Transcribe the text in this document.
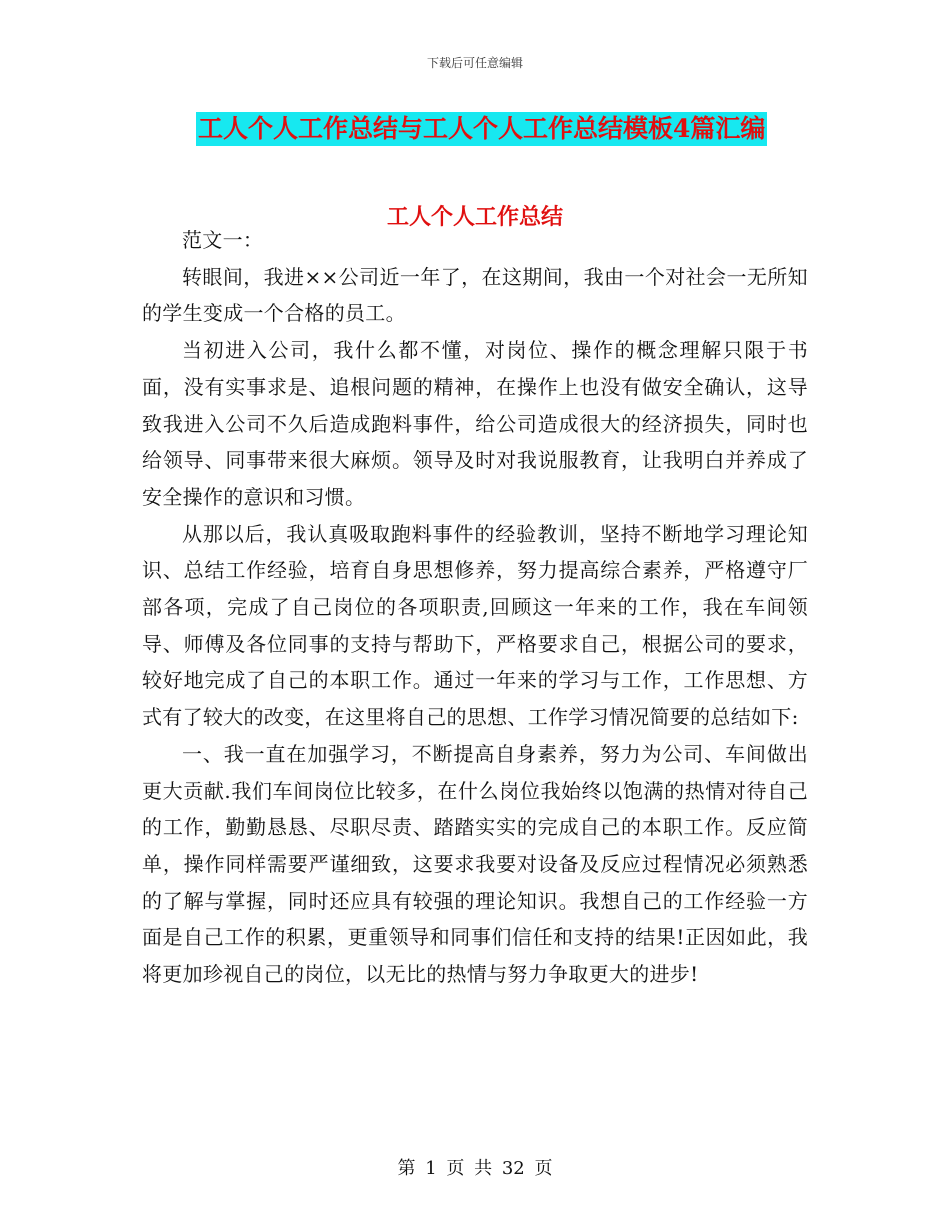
下载后可任意编辑
工人个人工作总结与工人个人工作总结模板4篇汇编
工人个人工作总结

范文一：

转眼间，我进××公司近一年了，在这期间，我由一个对社会一无所知的学生变成一个合格的员工。

当初进入公司，我什么都不懂，对岗位、操作的概念理解只限于书面，没有实事求是、追根问题的精神，在操作上也没有做安全确认，这导致我进入公司不久后造成跑料事件，给公司造成很大的经济损失，同时也给领导、同事带来很大麻烦。领导及时对我说服教育，让我明白并养成了安全操作的意识和习惯。

从那以后，我认真吸取跑料事件的经验教训，坚持不断地学习理论知识、总结工作经验，培育自身思想修养，努力提高综合素养，严格遵守厂部各项，完成了自己岗位的各项职责,回顾这一年来的工作，我在车间领导、师傅及各位同事的支持与帮助下，严格要求自己，根据公司的要求，较好地完成了自己的本职工作。通过一年来的学习与工作，工作思想、方式有了较大的改变，在这里将自己的思想、工作学习情况简要的总结如下:

一、我一直在加强学习，不断提高自身素养，努力为公司、车间做出更大贡献.我们车间岗位比较多，在什么岗位我始终以饱满的热情对待自己的工作，勤勤恳恳、尽职尽责、踏踏实实的完成自己的本职工作。反应简单，操作同样需要严谨细致，这要求我要对设备及反应过程情况必须熟悉的了解与掌握，同时还应具有较强的理论知识。我想自己的工作经验一方面是自己工作的积累，更重领导和同事们信任和支持的结果!正因如此，我将更加珍视自己的岗位，以无比的热情与努力争取更大的进步!

第 1 页 共 32 页
